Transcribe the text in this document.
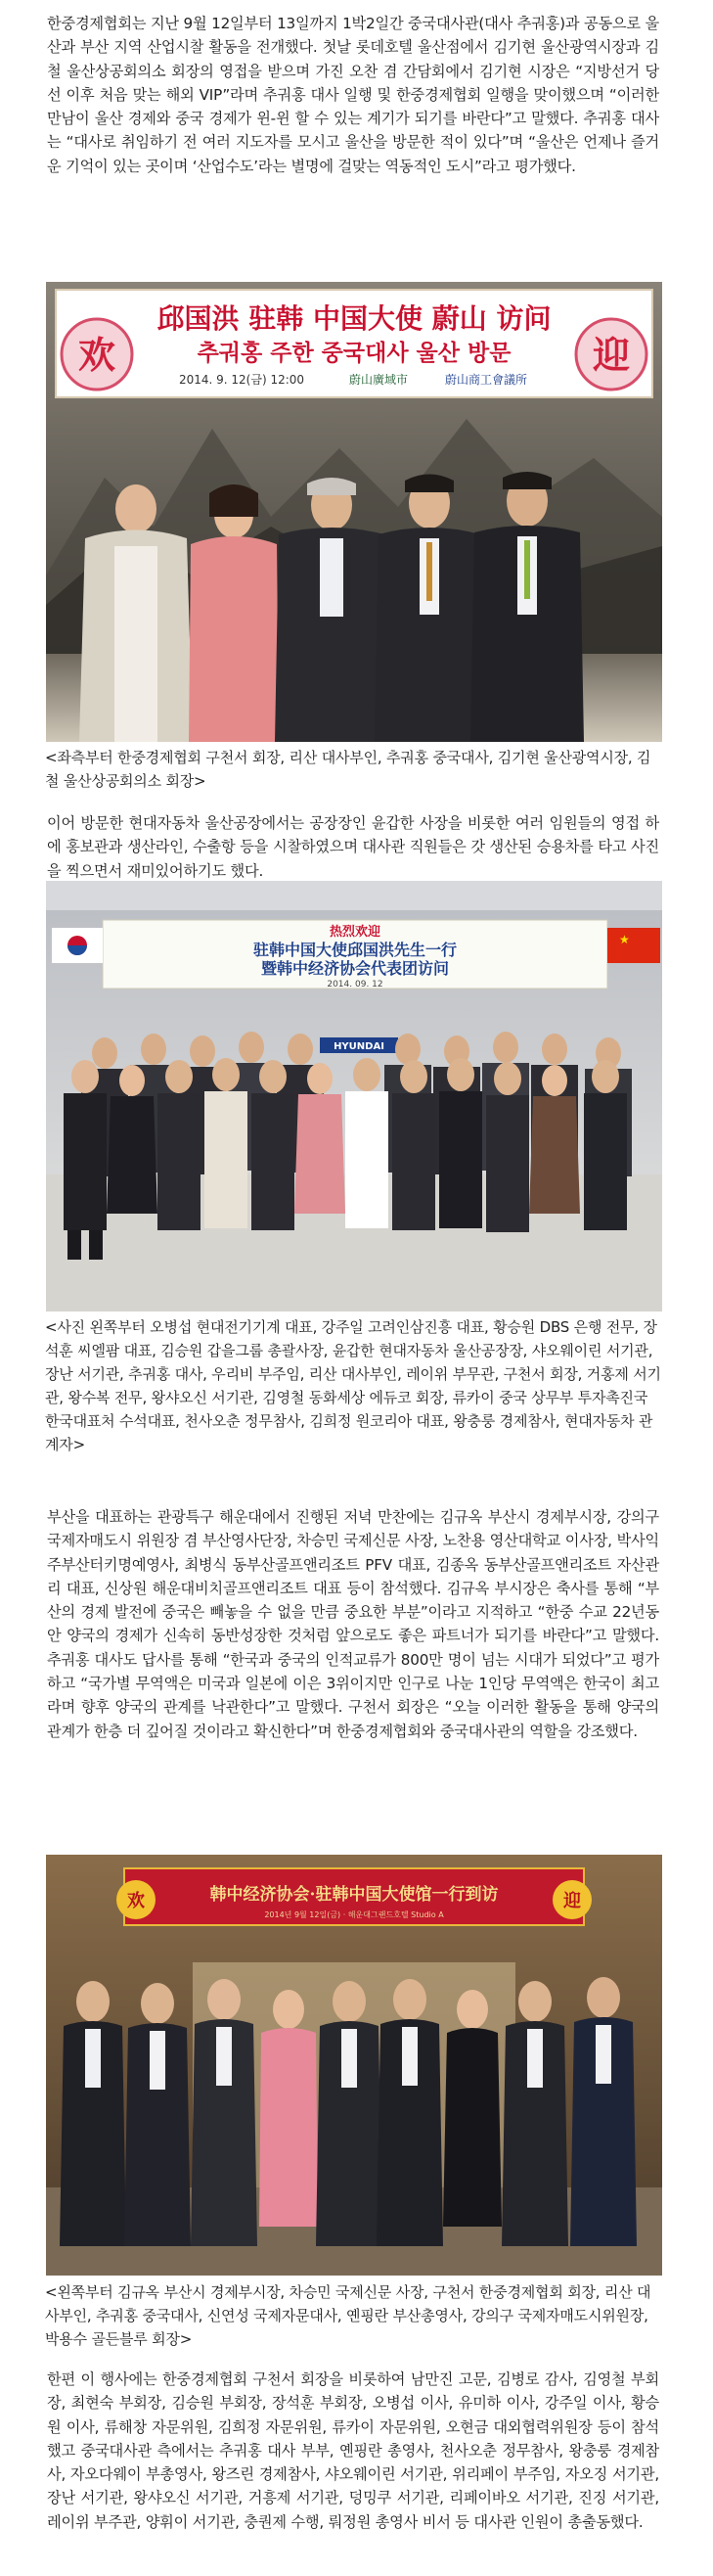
한중경제협회는 지난 9월 12일부터 13일까지 1박2일간 중국대사관(대사 추궈홍)과 공동으로 울산과 부산 지역 산업시찰 활동을 전개했다. 첫날 롯데호텔 울산점에서 김기현 울산광역시장과 김철 울산상공회의소 회장의 영접을 받으며 가진 오찬 겸 간담회에서 김기현 시장은 “지방선거 당선 이후 처음 맞는 해외 VIP”라며 추궈홍 대사 일행 및 한중경제협회 일행을 맞이했으며 “이러한 만남이 울산 경제와 중국 경제가 윈-윈 할 수 있는 계기가 되기를 바란다”고 말했다. 추궈홍 대사는 “대사로 취임하기 전 여러 지도자를 모시고 울산을 방문한 적이 있다”며 “울산은 언제나 즐거운 기억이 있는 곳이며 ‘산업수도’라는 별명에 걸맞는 역동적인 도시”라고 평가했다.

欢	迎
邱国洪 驻韩 中国大使 蔚山 访问
추궈홍 주한 중국대사 울산 방문
2014. 9. 12(금) 12:00	蔚山廣域市	蔚山商工會議所

<좌측부터 한중경제협회 구천서 회장, 리산 대사부인, 추궈홍 중국대사, 김기현 울산광역시장, 김철 울산상공회의소 회장>

이어 방문한 현대자동차 울산공장에서는 공장장인 윤갑한 사장을 비롯한 여러 임원들의 영접 하에 홍보관과 생산라인, 수출항 등을 시찰하였으며 대사관 직원들은 갓 생산된 승용차를 타고 사진을 찍으면서 재미있어하기도 했다.

★
热烈欢迎
驻韩中国大使邱国洪先生一行
暨韩中经济协会代表团访问
2014. 09. 12
HYUNDAI

<사진 왼쪽부터 오병섭 현대전기기계 대표, 강주일 고려인삼진흥 대표, 황승원 DBS 은행 전무, 장석훈 씨엘팜 대표, 김승원 갑을그룹 총괄사장, 윤갑한 현대자동차 울산공장장, 샤오웨이린 서기관, 장난 서기관, 추궈홍 대사, 우리비 부주임, 리산 대사부인, 레이위 부무관, 구천서 회장, 거홍제 서기관, 왕수복 전무, 왕샤오신 서기관, 김영철 동화세상 에듀코 회장, 류카이 중국 상무부 투자촉진국 한국대표처 수석대표, 천사오춘 정무참사, 김희정 원코리아 대표, 왕충룽 경제참사, 현대자동차 관계자>

부산을 대표하는 관광특구 해운대에서 진행된 저녁 만찬에는 김규옥 부산시 경제부시장, 강의구 국제자매도시 위원장 겸 부산영사단장, 차승민 국제신문 사장, 노찬용 영산대학교 이사장, 박사익 주부산터키명예영사, 최병식 동부산골프앤리조트 PFV 대표, 김종옥 동부산골프앤리조트 자산관리 대표, 신상원 해운대비치골프앤리조트 대표 등이 참석했다. 김규옥 부시장은 축사를 통해 “부산의 경제 발전에 중국은 빼놓을 수 없을 만큼 중요한 부분”이라고 지적하고 “한중 수교 22년동안 양국의 경제가 신속히 동반성장한 것처럼 앞으로도 좋은 파트너가 되기를 바란다”고 말했다. 추궈홍 대사도 답사를 통해 “한국과 중국의 인적교류가 800만 명이 넘는 시대가 되었다”고 평가하고 “국가별 무역액은 미국과 일본에 이은 3위이지만 인구로 나눈 1인당 무역액은 한국이 최고라며 향후 양국의 관계를 낙관한다”고 말했다. 구천서 회장은 “오늘 이러한 활동을 통해 양국의 관계가 한층 더 깊어질 것이라고 확신한다”며 한중경제협회와 중국대사관의 역할을 강조했다.

欢	迎
韩中经济协会·驻韩中国大使馆一行到访
2014년 9월 12일(금) · 해운대그랜드호텔 Studio A

<왼쪽부터 김규옥 부산시 경제부시장, 차승민 국제신문 사장, 구천서 한중경제협회 회장, 리산 대사부인, 추궈홍 중국대사, 신연성 국제자문대사, 옌핑란 부산총영사, 강의구 국제자매도시위원장, 박용수 골든블루 회장>

한편 이 행사에는 한중경제협회 구천서 회장을 비롯하여 남만진 고문, 김병로 감사, 김영철 부회장, 최현숙 부회장, 김승원 부회장, 장석훈 부회장, 오병섭 이사, 유미하 이사, 강주일 이사, 황승원 이사, 류해창 자문위원, 김희정 자문위원, 류카이 자문위원, 오현금 대외협력위원장 등이 참석했고 중국대사관 측에서는 추궈홍 대사 부부, 옌핑란 총영사, 천사오춘 정무참사, 왕충룽 경제참사, 자오다웨이 부총영사, 왕즈린 경제참사, 샤오웨이린 서기관, 위리페이 부주임, 자오징 서기관, 장난 서기관, 왕샤오신 서기관, 거흥제 서기관, 덩밍쿠 서기관, 리페이바오 서기관, 진징 서기관, 레이위 부주관, 양휘이 서기관, 충퀀제 수행, 뤄정원 총영사 비서 등 대사관 인원이 총출동했다.
